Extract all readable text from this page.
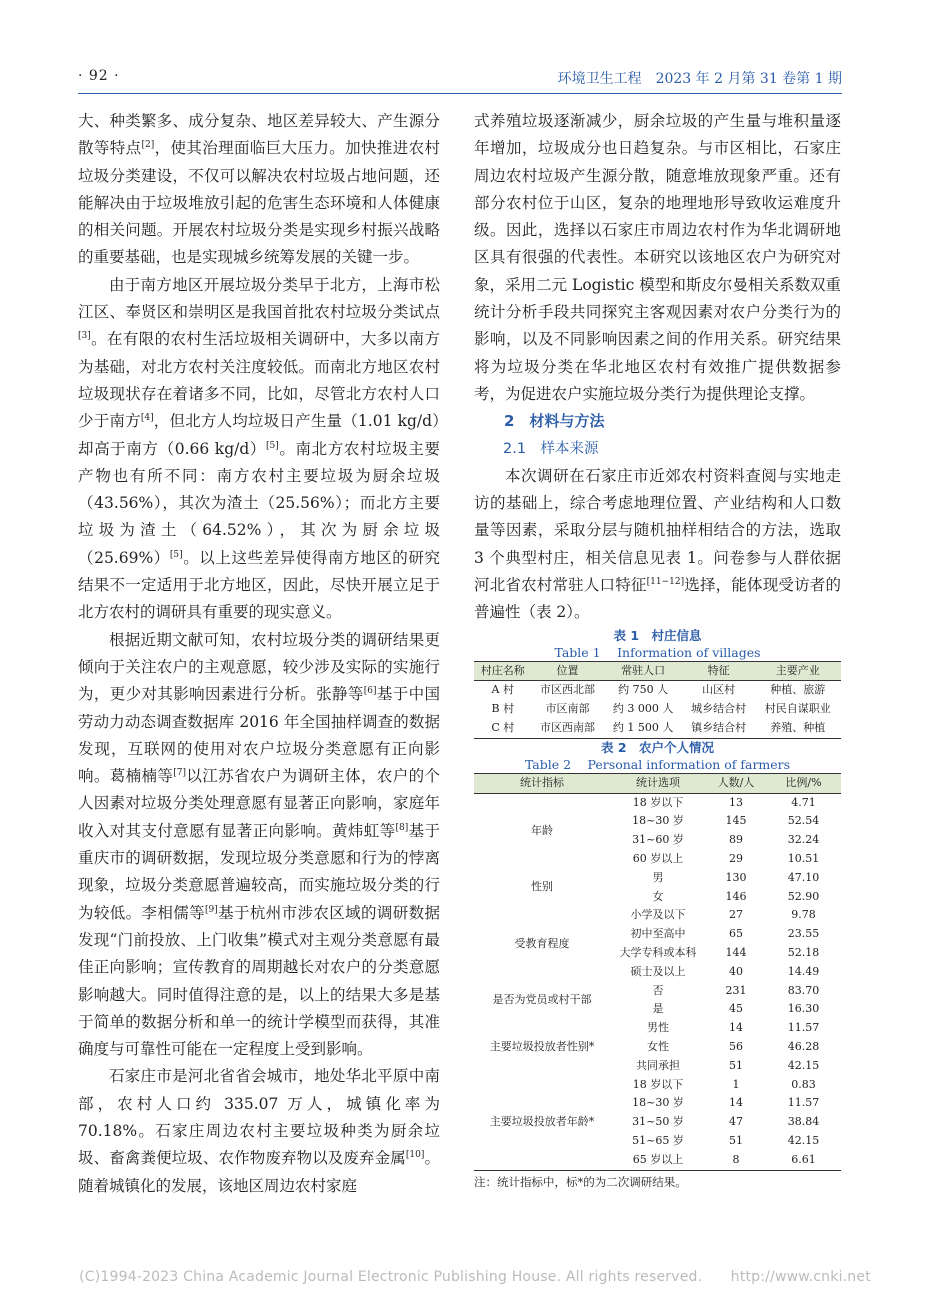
· 92 ·	环境卫生工程　2023 年 2 月第 31 卷第 1 期

大、种类繁多、成分复杂、地区差异较大、产生源分散等特点[2]，使其治理面临巨大压力。加快推进农村垃圾分类建设，不仅可以解决农村垃圾占地问题，还能解决由于垃圾堆放引起的危害生态环境和人体健康的相关问题。开展农村垃圾分类是实现乡村振兴战略的重要基础，也是实现城乡统筹发展的关键一步。

由于南方地区开展垃圾分类早于北方，上海市松江区、奉贤区和崇明区是我国首批农村垃圾分类试点[3]。在有限的农村生活垃圾相关调研中，大多以南方为基础，对北方农村关注度较低。而南北方地区农村垃圾现状存在着诸多不同，比如，尽管北方农村人口少于南方[4]，但北方人均垃圾日产生量（1.01 kg/d）却高于南方（0.66 kg/d）[5]。南北方农村垃圾主要产物也有所不同：南方农村主要垃圾为厨余垃圾（43.56%），其次为渣土（25.56%）；而北方主要垃圾为渣土（64.52%），其次为厨余垃圾（25.69%）[5]。以上这些差异使得南方地区的研究结果不一定适用于北方地区，因此，尽快开展立足于北方农村的调研具有重要的现实意义。

根据近期文献可知，农村垃圾分类的调研结果更倾向于关注农户的主观意愿，较少涉及实际的实施行为，更少对其影响因素进行分析。张静等[6]基于中国劳动力动态调查数据库 2016 年全国抽样调查的数据发现，互联网的使用对农户垃圾分类意愿有正向影响。葛楠楠等[7]以江苏省农户为调研主体，农户的个人因素对垃圾分类处理意愿有显著正向影响，家庭年收入对其支付意愿有显著正向影响。黄炜虹等[8]基于重庆市的调研数据，发现垃圾分类意愿和行为的悖离现象，垃圾分类意愿普遍较高，而实施垃圾分类的行为较低。李相儒等[9]基于杭州市涉农区域的调研数据发现“门前投放、上门收集”模式对主观分类意愿有最佳正向影响；宣传教育的周期越长对农户的分类意愿影响越大。同时值得注意的是，以上的结果大多是基于简单的数据分析和单一的统计学模型而获得，其准确度与可靠性可能在一定程度上受到影响。

石家庄市是河北省省会城市，地处华北平原中南部，农村人口约 335.07 万人，城镇化率为70.18%。石家庄周边农村主要垃圾种类为厨余垃圾、畜禽粪便垃圾、农作物废弃物以及废弃金属[10]。随着城镇化的发展，该地区周边农村家庭

式养殖垃圾逐渐减少，厨余垃圾的产生量与堆积量逐年增加，垃圾成分也日趋复杂。与市区相比，石家庄周边农村垃圾产生源分散，随意堆放现象严重。还有部分农村位于山区，复杂的地理地形导致收运难度升级。因此，选择以石家庄市周边农村作为华北调研地区具有很强的代表性。本研究以该地区农户为研究对象，采用二元 Logistic 模型和斯皮尔曼相关系数双重统计分析手段共同探究主客观因素对农户分类行为的影响，以及不同影响因素之间的作用关系。研究结果将为垃圾分类在华北地区农村有效推广提供数据参考，为促进农户实施垃圾分类行为提供理论支撑。

2　材料与方法

2.1　样本来源

本次调研在石家庄市近郊农村资料查阅与实地走访的基础上，综合考虑地理位置、产业结构和人口数量等因素，采取分层与随机抽样相结合的方法，选取 3 个典型村庄，相关信息见表 1。问卷参与人群依据河北省农村常驻人口特征[11−12]选择，能体现受访者的普遍性（表 2）。

表 1　村庄信息
Table 1　 Information of villages
村庄名称	位置	常驻人口	特征	主要产业
A 村	市区西北部	约 750 人	山区村	种植、旅游
B 村	市区南部	约 3 000 人	城乡结合村	村民自谋职业
C 村	市区西南部	约 1 500 人	镇乡结合村	养殖、种植
表 2　农户个人情况
Table 2　 Personal information of farmers
统计指标	统计选项	人数/人	比例/%
年龄	18 岁以下	13	4.71
	18~30 岁	145	52.54
	31~60 岁	89	32.24
	60 岁以上	29	10.51
性别	男	130	47.10
	女	146	52.90
受教育程度	小学及以下	27	9.78
	初中至高中	65	23.55
	大学专科或本科	144	52.18
	硕士及以上	40	14.49
是否为党员或村干部	否	231	83.70
	是	45	16.30
主要垃圾投放者性别*	男性	14	11.57
	女性	56	46.28
	共同承担	51	42.15
主要垃圾投放者年龄*	18 岁以下	1	0.83
	18~30 岁	14	11.57
	31~50 岁	47	38.84
	51~65 岁	51	42.15
	65 岁以上	8	6.61
注：统计指标中，标*的为二次调研结果。
(C)1994-2023 China Academic Journal Electronic Publishing House. All rights reserved.　　http://www.cnki.net
